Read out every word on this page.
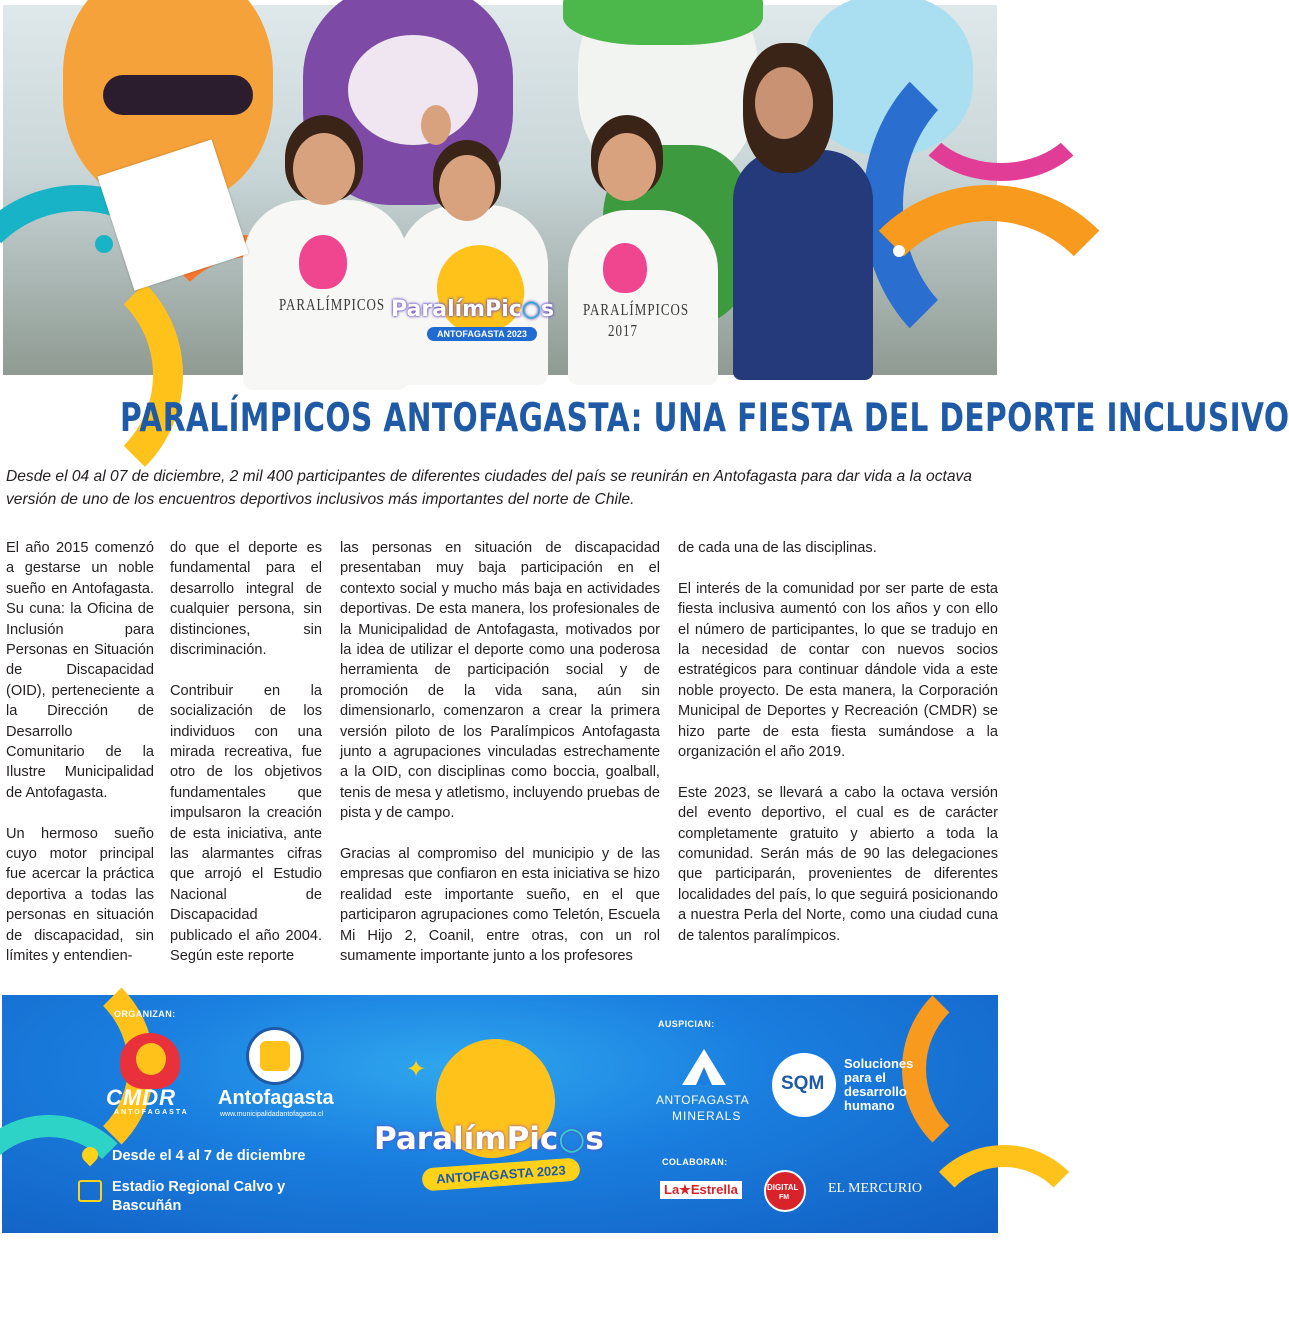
PARALÍMPICOS	PARALÍMPICOS
2017
ParalímPic○s
ANTOFAGASTA 2023
PARALÍMPICOS ANTOFAGASTA: UNA FIESTA DEL DEPORTE INCLUSIVO
Desde el 04 al 07 de diciembre, 2 mil 400 participantes de diferentes ciudades del país se reunirán en Antofagasta para dar vida a la octava versión de uno de los encuentros deportivos inclusivos más importantes del norte de Chile.

El año 2015 comenzó a gestarse un noble sueño en Antofagasta. Su cuna: la Oficina de Inclusión para Personas en Situación de Discapacidad (OID), perteneciente a la Dirección de Desarrollo Comunitario de la Ilustre Municipalidad de Antofagasta.

Un hermoso sueño cuyo motor principal fue acercar la práctica deportiva a todas las personas en situación de discapacidad, sin límites y entendien-

do que el deporte es fundamental para el desarrollo integral de cualquier persona, sin distinciones, sin discriminación.

Contribuir en la socialización de los individuos con una mirada recreativa, fue otro de los objetivos fundamentales que impulsaron la creación de esta iniciativa, ante las alarmantes cifras que arrojó el Estudio Nacional de Discapacidad publicado el año 2004. Según este reporte

las personas en situación de discapacidad presentaban muy baja participación en el contexto social y mucho más baja en actividades deportivas. De esta manera, los profesionales de la Municipalidad de Antofagasta, motivados por la idea de utilizar el deporte como una poderosa herramienta de participación social y de promoción de la vida sana, aún sin dimensionarlo, comenzaron a crear la primera versión piloto de los Paralímpicos Antofagasta junto a agrupaciones vinculadas estrechamente a la OID, con disciplinas como boccia, goalball, tenis de mesa y atletismo, incluyendo pruebas de pista y de campo.

Gracias al compromiso del municipio y de las empresas que confiaron en esta iniciativa se hizo realidad este importante sueño, en el que participaron agrupaciones como Teletón, Escuela Mi Hijo 2, Coanil, entre otras, con un rol sumamente importante junto a los profesores

de cada una de las disciplinas.

El interés de la comunidad por ser parte de esta fiesta inclusiva aumentó con los años y con ello el número de participantes, lo que se tradujo en la necesidad de contar con nuevos socios estratégicos para continuar dándole vida a este noble proyecto. De esta manera, la Corporación Municipal de Deportes y Recreación (CMDR) se hizo parte de esta fiesta sumándose a la organización el año 2019.

Este 2023, se llevará a cabo la octava versión del evento deportivo, el cual es de carácter completamente gratuito y abierto a toda la comunidad. Serán más de 90 las delegaciones que participarán, provenientes de diferentes localidades del país, lo que seguirá posicionando a nuestra Perla del Norte, como una ciudad cuna de talentos paralímpicos.

ORGANIZAN:
CMDR
ANTOFAGASTA
Antofagasta
www.municipalidadantofagasta.cl
Desde el 4 al 7 de diciembre
Estadio Regional Calvo y
Bascuñán
✦
ParalímPic○s
ANTOFAGASTA 2023
AUSPICIAN:
ANTOFAGASTA
MINERALS
SQM
Soluciones
para el
desarrollo
humano
COLABORAN:
La★Estrella	DIGITAL
FM
EL MERCURIO
